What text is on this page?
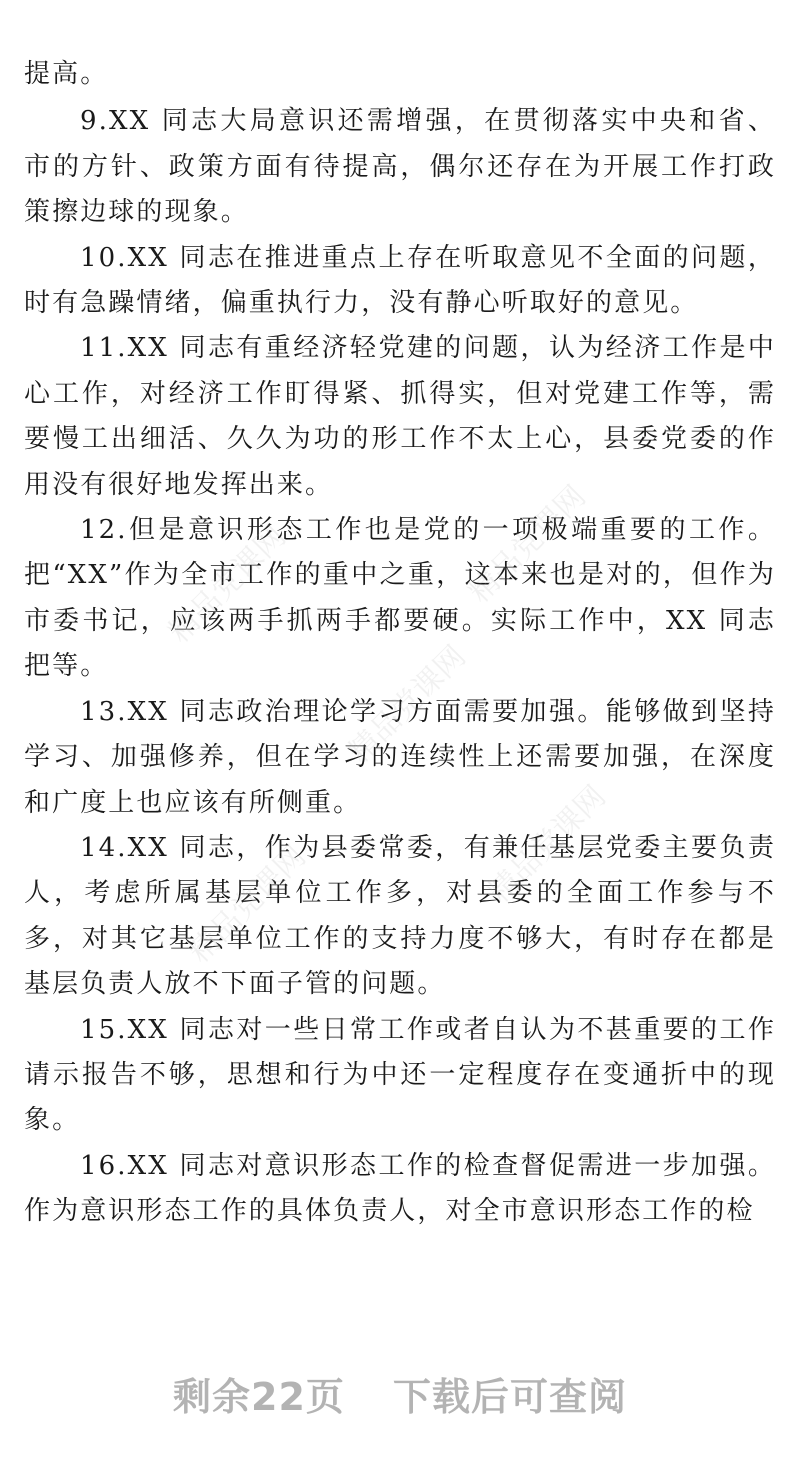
提高。

9.XX 同志大局意识还需增强，在贯彻落实中央和省、市的方针、政策方面有待提高，偶尔还存在为开展工作打政策擦边球的现象。

10.XX 同志在推进重点上存在听取意见不全面的问题，时有急躁情绪，偏重执行力，没有静心听取好的意见。

11.XX 同志有重经济轻党建的问题，认为经济工作是中心工作，对经济工作盯得紧、抓得实，但对党建工作等，需要慢工出细活、久久为功的形工作不太上心，县委党委的作用没有很好地发挥出来。

12.但是意识形态工作也是党的一项极端重要的工作。把“XX”作为全市工作的重中之重，这本来也是对的，但作为市委书记，应该两手抓两手都要硬。实际工作中，XX 同志把等。

13.XX 同志政治理论学习方面需要加强。能够做到坚持学习、加强修养，但在学习的连续性上还需要加强，在深度和广度上也应该有所侧重。

14.XX 同志，作为县委常委，有兼任基层党委主要负责人，考虑所属基层单位工作多，对县委的全面工作参与不多，对其它基层单位工作的支持力度不够大，有时存在都是基层负责人放不下面子管的问题。

15.XX 同志对一些日常工作或者自认为不甚重要的工作请示报告不够，思想和行为中还一定程度存在变通折中的现象。

16.XX 同志对意识形态工作的检查督促需进一步加强。作为意识形态工作的具体负责人，对全市意识形态工作的检

精品党课网	精品党课网
精品党课网
精品党课网	精品党课网
剩余22页 下载后可查阅
